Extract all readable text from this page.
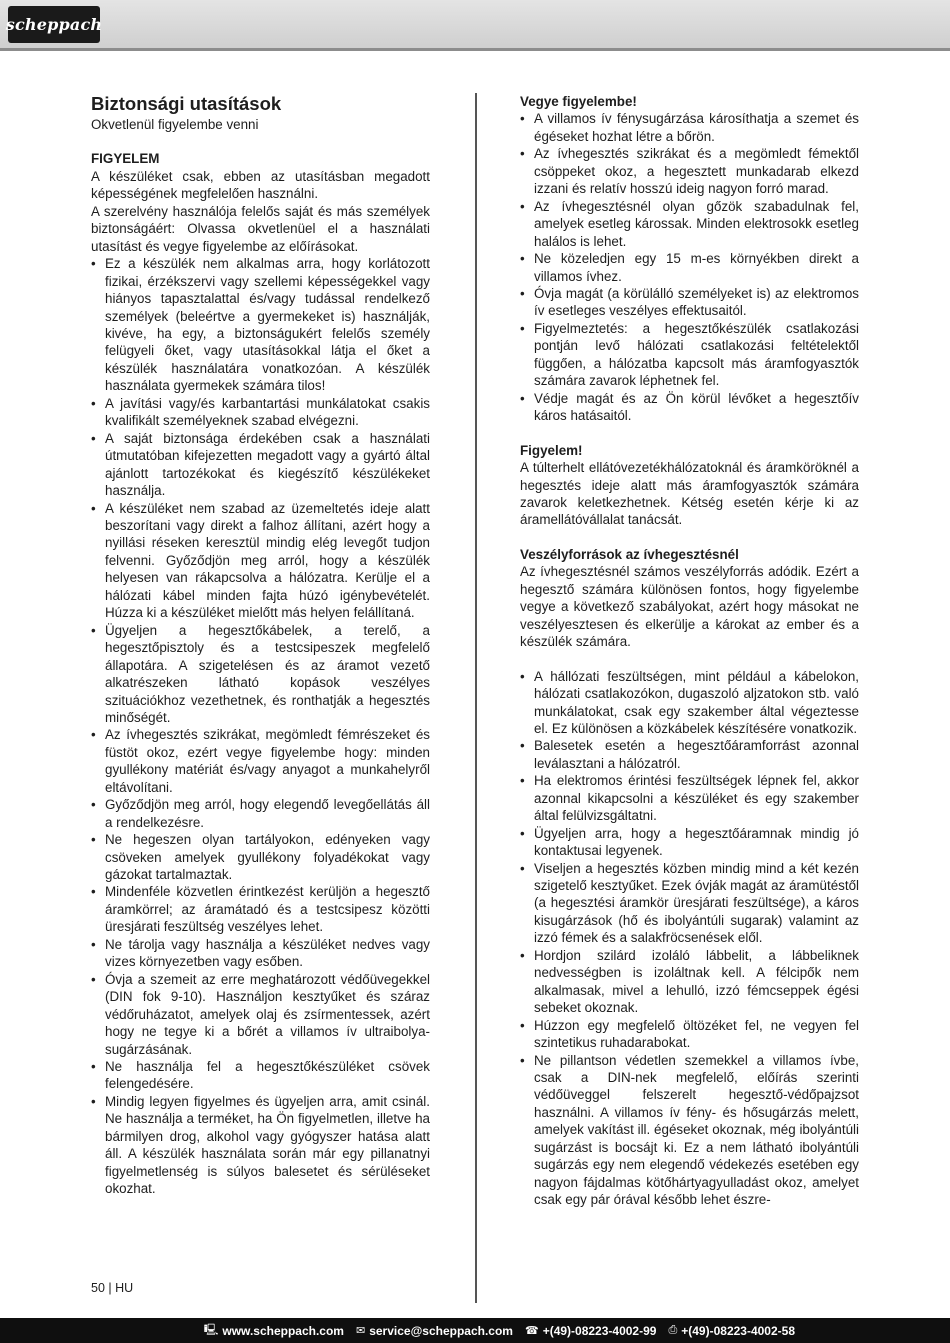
scheppach
Biztonsági utasítások

Okvetlenül figyelembe venni

FIGYELEM

A készüléket csak, ebben az utasításban megadott képességének megfelelően használni.

A szerelvény használója felelős saját és más személyek biztonságáért: Olvassa okvetlenüel el a használati utasítást és vegye figyelembe az előírásokat.

• Ez a készülék nem alkalmas arra, hogy korlátozott fizikai, érzékszervi vagy szellemi képességekkel vagy hiányos tapasztalattal és/vagy tudással rendelkező személyek (beleértve a gyermekeket is) használják, kivéve, ha egy, a biztonságukért felelős személy felügyeli őket, vagy utasításokkal látja el őket a készülék használatára vonatkozóan. A készülék használata gyermekek számára tilos!
• A javítási vagy/és karbantartási munkálatokat csakis kvalifikált személyeknek szabad elvégezni.
• A saját biztonsága érdekében csak a használati útmutatóban kifejezetten megadott vagy a gyártó által ajánlott tartozékokat és kiegészítő készülékeket használja.
• A készüléket nem szabad az üzemeltetés ideje alatt beszorítani vagy direkt a falhoz állítani, azért hogy a nyillási réseken keresztül mindig elég levegőt tudjon felvenni. Győződjön meg arról, hogy a készülék helyesen van rákapcsolva a hálózatra. Kerülje el a hálózati kábel minden fajta húzó igénybevételét. Húzza ki a készüléket mielőtt más helyen felállítaná.
• Ügyeljen a hegesztőkábelek, a terelő, a hegesztőpisztoly és a testcsipeszek megfelelő állapotára. A szigetelésen és az áramot vezető alkatrészeken látható kopások veszélyes szituációkhoz vezethetnek, és ronthatják a hegesztés minőségét.
• Az ívhegesztés szikrákat, megömledt fémrészeket és füstöt okoz, ezért vegye figyelembe hogy: minden gyullékony matériát és/vagy anyagot a munkahelyről eltávolítani.
• Győződjön meg arról, hogy elegendő levegőellátás áll a rendelkezésre.
• Ne hegeszen olyan tartályokon, edényeken vagy csöveken amelyek gyullékony folyadékokat vagy gázokat tartalmaztak.
• Mindenféle közvetlen érintkezést kerüljön a hegesztő áramkörrel; az áramátadó és a testcsipesz közötti üresjárati feszültség veszélyes lehet.
• Ne tárolja vagy használja a készüléket nedves vagy vizes környezetben vagy esőben.
• Óvja a szemeit az erre meghatározott védőüvegekkel (DIN fok 9-10). Használjon kesztyűket és száraz védőruházatot, amelyek olaj és zsírmentessek, azért hogy ne tegye ki a bőrét a villamos ív ultraibolya-sugárzásának.
• Ne használja fel a hegesztőkészüléket csövek felengedésére.
• Mindig legyen figyelmes és ügyeljen arra, amit csinál. Ne használja a terméket, ha Ön figyelmetlen, illetve ha bármilyen drog, alkohol vagy gyógyszer hatása alatt áll. A készülék használata során már egy pillanatnyi figyelmetlenség is súlyos balesetet és sérüléseket okozhat.
Vegye figyelembe!
• A villamos ív fénysugárzása károsíthatja a szemet és égéseket hozhat létre a bőrön.
• Az ívhegesztés szikrákat és a megömledt fémektől csöppeket okoz, a hegesztett munkadarab elkezd izzani és relatív hosszú ideig nagyon forró marad.
• Az ívhegesztésnél olyan gőzök szabadulnak fel, amelyek esetleg károssak. Minden elektrosokk esetleg halálos is lehet.
• Ne közeledjen egy 15 m-es környékben direkt a villamos ívhez.
• Óvja magát (a körülálló személyeket is) az elektromos ív esetleges veszélyes effektusaitól.
• Figyelmeztetés: a hegesztőkészülék csatlakozási pontján levő hálózati csatlakozási feltételektől függően, a hálózatba kapcsolt más áramfogyasztók számára zavarok léphetnek fel.
• Védje magát és az Ön körül lévőket a hegesztőív káros hatásaitól.
Figyelem!

A túlterhelt ellátóvezetékhálózatoknál és áramköröknél a hegesztés ideje alatt más áramfogyasztók számára zavarok keletkezhetnek. Kétség esetén kérje ki az áramellátóvállalat tanácsát.

Veszélyforrások az ívhegesztésnél

Az ívhegesztésnél számos veszélyforrás adódik. Ezért a hegesztő számára különösen fontos, hogy figyelembe vegye a következő szabályokat, azért hogy másokat ne veszélyesztesen és elkerülje a károkat az ember és a készülék számára.

• A hállózati feszültségen, mint például a kábelokon, hálózati csatlakozókon, dugaszoló aljzatokon stb. való munkálatokat, csak egy szakember által végeztesse el. Ez különösen a közkábelek készítésére vonatkozik.
• Balesetek esetén a hegesztőáramforrást azonnal leválasztani a hálózatról.
• Ha elektromos érintési feszültségek lépnek fel, akkor azonnal kikapcsolni a készüléket és egy szakember által felülvizsgáltatni.
• Ügyeljen arra, hogy a hegesztőáramnak mindig jó kontaktusai legyenek.
• Viseljen a hegesztés közben mindig mind a két kezén szigetelő kesztyűket. Ezek óvják magát az áramütéstől (a hegesztési áramkör üresjárati feszültsége), a káros kisugárzások (hő és ibolyántúli sugarak) valamint az izzó fémek és a salakfröcsenések elől.
• Hordjon szilárd izoláló lábbelit, a lábbeliknek nedvességben is izoláltnak kell. A félcipők nem alkalmasak, mivel a lehulló, izzó fémcseppek égési sebeket okoznak.
• Húzzon egy megfelelő öltözéket fel, ne vegyen fel szintetikus ruhadarabokat.
• Ne pillantson védetlen szemekkel a villamos ívbe, csak a DIN-nek megfelelő, előírás szerinti védőüveggel felszerelt hegesztő-védőpajzsot használni. A villamos ív fény- és hősugárzás melett, amelyek vakítást ill. égéseket okoznak, még ibolyántúli sugárzást is bocsájt ki. Ez a nem látható ibolyántúli sugárzás egy nem elegendő védekezés esetében egy nagyon fájdalmas kötőhártyagyulladást okoz, amelyet csak egy pár órával később lehet észre-
50 | HU
🖳 www.scheppach.com ✉ service@scheppach.com ☎ +(49)-08223-4002-99 ⎙ +(49)-08223-4002-58
